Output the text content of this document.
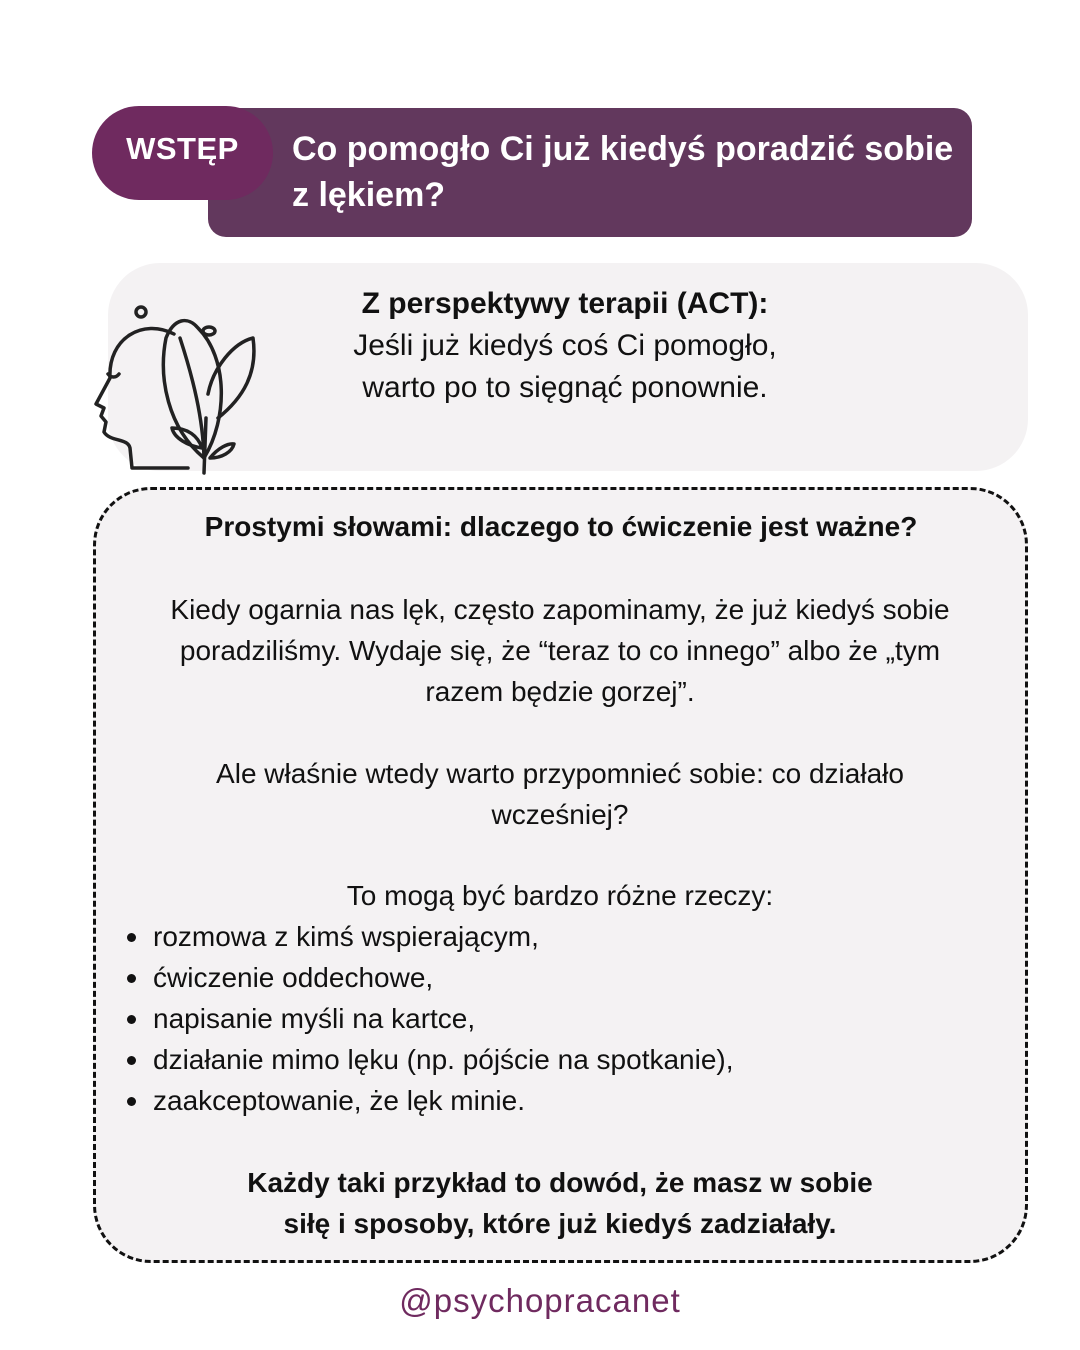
Co pomogło Ci już kiedyś poradzić sobie z lękiem?
WSTĘP
Z perspektywy terapii (ACT):
Jeśli już kiedyś coś Ci pomogło,
warto po to sięgnąć ponownie.
Prostymi słowami: dlaczego to ćwiczenie jest ważne?

Kiedy ogarnia nas lęk, często zapominamy, że już kiedyś sobie
poradziliśmy. Wydaje się, że “teraz to co innego” albo że „tym
razem będzie gorzej”.

Ale właśnie wtedy warto przypomnieć sobie: co działało
wcześniej?

To mogą być bardzo różne rzeczy:

rozmowa z kimś wspierającym,
ćwiczenie oddechowe,
napisanie myśli na kartce,
działanie mimo lęku (np. pójście na spotkanie),
zaakceptowanie, że lęk minie.

Każdy taki przykład to dowód, że masz w sobie
siłę i sposoby, które już kiedyś zadziałały.

@psychopracanet
